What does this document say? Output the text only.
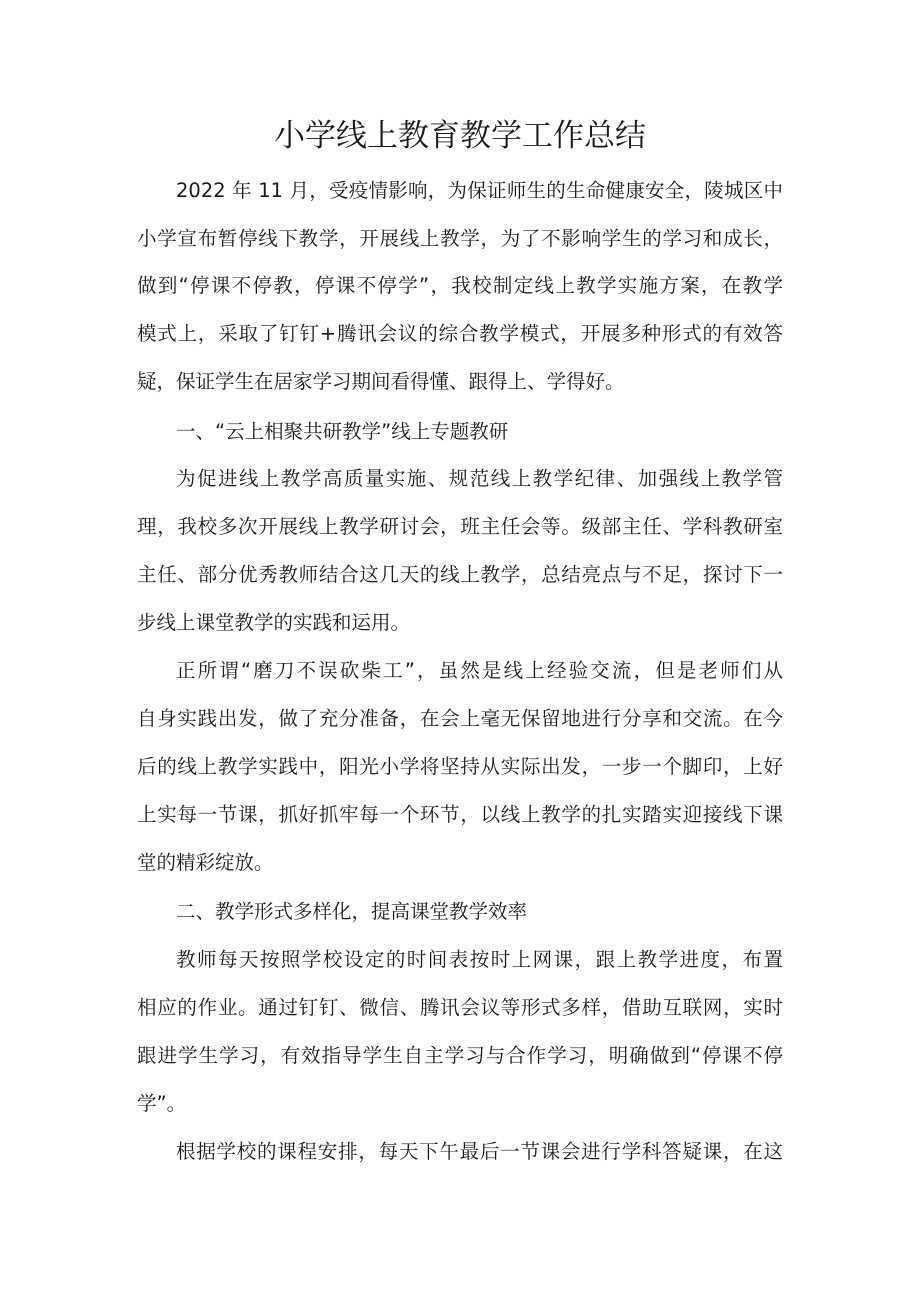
小学线上教育教学工作总结
2022 年 11 月，受疫情影响，为保证师生的生命健康安全，陵城区中
小学宣布暂停线下教学，开展线上教学，为了不影响学生的学习和成长，
做到“停课不停教，停课不停学”，我校制定线上教学实施方案，在教学
模式上，采取了钉钉+腾讯会议的综合教学模式，开展多种形式的有效答
疑，保证学生在居家学习期间看得懂、跟得上、学得好。
一、“云上相聚共研教学”线上专题教研
为促进线上教学高质量实施、规范线上教学纪律、加强线上教学管
理，我校多次开展线上教学研讨会，班主任会等。级部主任、学科教研室
主任、部分优秀教师结合这几天的线上教学，总结亮点与不足，探讨下一
步线上课堂教学的实践和运用。
正所谓“磨刀不误砍柴工”，虽然是线上经验交流，但是老师们从
自身实践出发，做了充分准备，在会上毫无保留地进行分享和交流。在今
后的线上教学实践中，阳光小学将坚持从实际出发，一步一个脚印，上好
上实每一节课，抓好抓牢每一个环节，以线上教学的扎实踏实迎接线下课
堂的精彩绽放。
二、教学形式多样化，提高课堂教学效率
教师每天按照学校设定的时间表按时上网课，跟上教学进度，布置
相应的作业。通过钉钉、微信、腾讯会议等形式多样，借助互联网，实时
跟进学生学习，有效指导学生自主学习与合作学习，明确做到“停课不停
学”。
根据学校的课程安排，每天下午最后一节课会进行学科答疑课，在这
